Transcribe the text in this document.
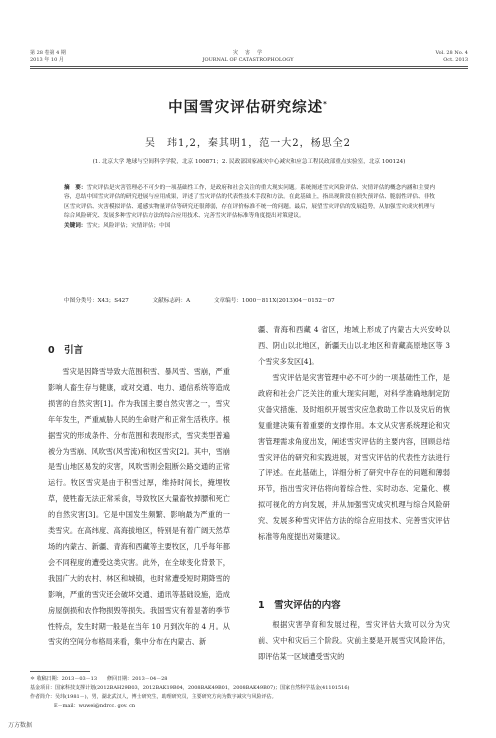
第 28 卷第 4 期
2013 年 10 月
灾　害　学
JOURNAL OF CATASTROPHOLOGY
Vol. 28 No. 4
Oct. 2013
中国雪灾评估研究综述*
吴　玮1,2，秦其明1，范一大2，杨思全2
(1. 北京大学 地球与空间科学学院，北京 100871；2. 民政部国家减灾中心减灾和应急工程民政部重点实验室，北京 100124)
摘　要：雪灾评估是灾害管理必不可少的一项基础性工作，是政府和社会关注的重大现实问题。系统阐述雪灾风险评估、灾情评估的概念内涵和主要内容，总结中国雪灾评估的研究进展与应用成果，评述了雪灾评估的代表性技术手段和方法。在此基础上，指出现阶段在损失预评估、脆弱性评估、非牧区雪灾评估、灾害模拟评估、遥感实物量评估等研究还很薄弱，存在评价标准不统一的问题。最后，展望雪灾评估的发展趋势，从加强雪灾成灾机理与综合风险研究、发展多种雪灾评估方法的综合应用技术、完善雪灾评估标准等角度提出对策建议。
关键词：雪灾；风险评估；灾情评估；中国
中图分类号：X43；S427	文献标志码：A	文章编号：1000－811X(2013)04－0152－07
0　引言
雪灾是因降雪导致大范围积雪、暴风雪、雪崩，严重影响人畜生存与健康，或对交通、电力、通信系统等造成损害的自然灾害[1]。作为我国主要自然灾害之一，雪灾年年发生，严重威胁人民的生命财产和正常生活秩序。根据雪灾的形成条件、分布范围和表现形式，雪灾类型普遍被分为雪崩、风吹雪(风雪流)和牧区雪灾[2]。其中，雪崩是雪山地区易发的灾害，风吹雪则会阻断公路交通的正常运行。牧区雪灾是由于积雪过厚，维持时间长，掩埋牧草，使牲畜无法正常采食，导致牧区大量畜牧掉膘和死亡的自然灾害[3]。它是中国发生频繁、影响最为严重的一类雪灾。在高纬度、高海拔地区，特别是有着广阔天然草场的内蒙古、新疆、青海和西藏等主要牧区，几乎每年都会不同程度的遭受这类灾害。此外，在全球变化背景下，我国广大的农村、林区和城镇，也时常遭受短时期降雪的影响，严重的雪灾还会破坏交通、通讯等基础设施，造成房屋倒损和农作物损毁等损失。我国雪灾有着显著的季节性特点，发生时期一般是在当年 10 月到次年的 4 月。从雪灾的空间分布格局来看，集中分布在内蒙古、新
疆、青海和西藏 4 省区，地域上形成了内蒙古大兴安岭以西、阴山以北地区，新疆天山以北地区和青藏高原地区等 3 个雪灾多发区[4]。
雪灾评估是灾害管理中必不可少的一项基础性工作，是政府和社会广泛关注的重大现实问题，对科学准确地制定防灾备灾措施、及时组织开展雪灾应急救助工作以及灾后的恢复重建决策有着重要的支撑作用。本文从灾害系统理论和灾害管理需求角度出发，阐述雪灾评估的主要内容，回顾总结雪灾评估的研究和实践进展，对雪灾评估的代表性方法进行了评述。在此基础上，详细分析了研究中存在的问题和薄弱环节，指出雪灾评估将向着综合性、实时动态、定量化、模拟可视化的方向发展，并从加强雪灾成灾机理与综合风险研究、发展多种雪灾评估方法的综合应用技术、完善雪灾评估标准等角度提出对策建议。
1　雪灾评估的内容
根据灾害孕育和发展过程，雪灾评估大致可以分为灾前、灾中和灾后三个阶段。灾前主要是开展雪灾风险评估，即评估某一区域遭受雪灾的
＊ 收稿日期：2013－03－13　　修回日期：2013－04－28
基金项目：国家科技支撑计划(2012BAH29B03，2012BAK19B04，2008BAK49B01，2008BAK49B07)；国家自然科学基金(41101516)
作者简介：吴玮(1981－)，男，湖北武汉人，博士研究生，助理研究员，主要研究方向为数字减灾与风险评估。
E－mail：wuwei@ndrcc. gov. cn
万方数据
